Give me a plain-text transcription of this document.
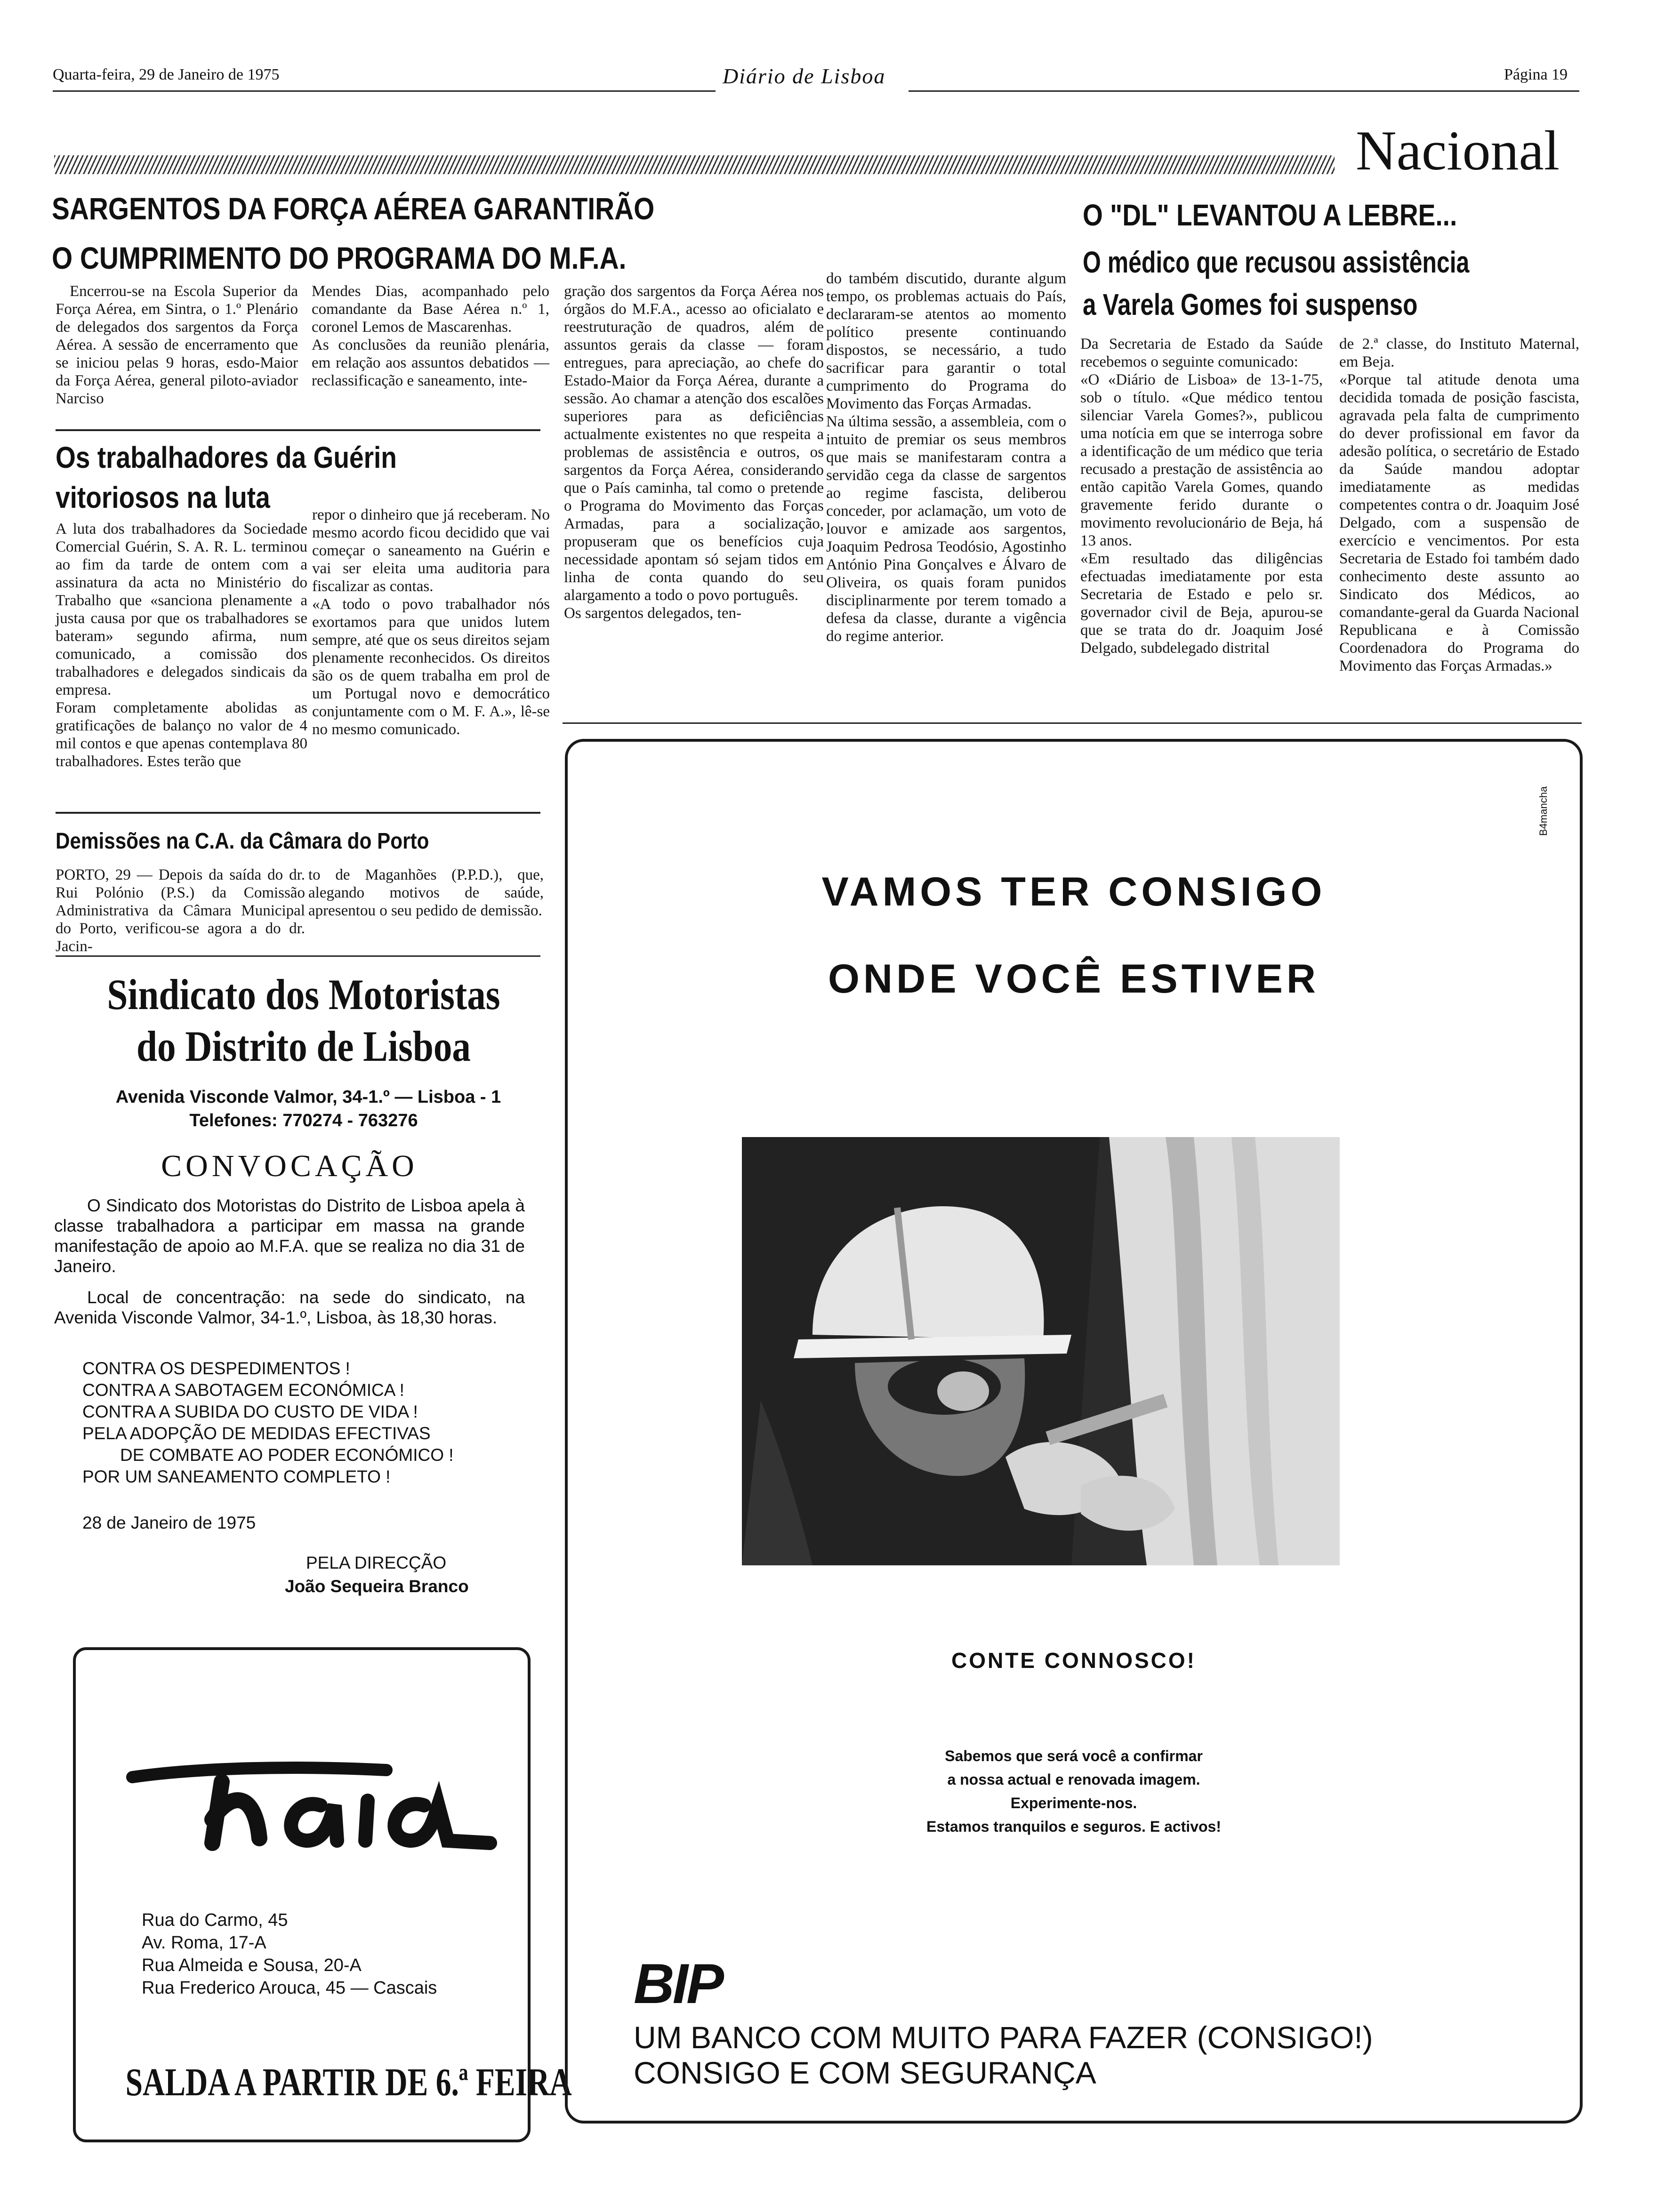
Quarta-feira, 29 de Janeiro de 1975	Diário de Lisboa	Página 19
Nacional
SARGENTOS DA FORÇA AÉREA GARANTIRÃO
O CUMPRIMENTO DO PROGRAMA DO M.F.A.
Encerrou-se na Escola Superior da Força Aérea, em Sintra, o 1.º Plenário de delegados dos sargentos da Força Aérea. A sessão de encerramento que se iniciou pelas 9 horas, esdo-Maior da Força Aérea, general piloto-aviador Narciso
Mendes Dias, acompanhado pelo comandante da Base Aérea n.º 1, coronel Lemos de Mascarenhas.
As conclusões da reunião plenária, em relação aos assuntos debatidos — reclassificação e saneamento, inte-
gração dos sargentos da Força Aérea nos órgãos do M.F.A., acesso ao oficialato e reestruturação de quadros, além de assuntos gerais da classe — foram entregues, para apreciação, ao chefe do Estado-Maior da Força Aérea, durante a sessão. Ao chamar a atenção dos escalões superiores para as deficiências actualmente existentes no que respeita a problemas de assistência e outros, os sargentos da Força Aérea, considerando que o País caminha, tal como o pretende o Programa do Movimento das Forças Armadas, para a socialização, propuseram que os benefícios cuja necessidade apontam só sejam tidos em linha de conta quando do seu alargamento a todo o povo português.
Os sargentos delegados, ten-
do também discutido, durante algum tempo, os problemas actuais do País, declararam-se atentos ao momento político presente continuando dispostos, se necessário, a tudo sacrificar para garantir o total cumprimento do Programa do Movimento das Forças Armadas.
Na última sessão, a assembleia, com o intuito de premiar os seus membros que mais se manifestaram contra a servidão cega da classe de sargentos ao regime fascista, deliberou conceder, por aclamação, um voto de louvor e amizade aos sargentos, Joaquim Pedrosa Teodósio, Agostinho António Pina Gonçalves e Álvaro de Oliveira, os quais foram punidos disciplinarmente por terem tomado a defesa da classe, durante a vigência do regime anterior.
Os trabalhadores da Guérin
vitoriosos na luta
A luta dos trabalhadores da Sociedade Comercial Guérin, S. A. R. L. terminou ao fim da tarde de ontem com a assinatura da acta no Ministério do Trabalho que «sanciona plenamente a justa causa por que os trabalhadores se bateram» segundo afirma, num comunicado, a comissão dos trabalhadores e delegados sindicais da empresa.
Foram completamente abolidas as gratificações de balanço no valor de 4 mil contos e que apenas contemplava 80 trabalhadores. Estes terão que
repor o dinheiro que já receberam. No mesmo acordo ficou decidido que vai começar o saneamento na Guérin e vai ser eleita uma auditoria para fiscalizar as contas.
«A todo o povo trabalhador nós exortamos para que unidos lutem sempre, até que os seus direitos sejam plenamente reconhecidos. Os direitos são os de quem trabalha em prol de um Portugal novo e democrático conjuntamente com o M. F. A.», lê-se no mesmo comunicado.
Demissões na C.A. da Câmara do Porto
PORTO, 29 — Depois da saída do dr. Rui Polónio (P.S.) da Comissão Administrativa da Câmara Municipal do Porto, verificou-se agora a do dr. Jacin-
to de Maganhões (P.P.D.), que, alegando motivos de saúde, apresentou o seu pedido de demissão.
Sindicato dos Motoristas
do Distrito de Lisboa
Avenida Visconde Valmor, 34-1.º — Lisboa - 1
Telefones: 770274 - 763276
CONVOCAÇÃO
O Sindicato dos Motoristas do Distrito de Lisboa apela à classe trabalhadora a participar em massa na grande manifestação de apoio ao M.F.A. que se realiza no dia 31 de Janeiro.
Local de concentração: na sede do sindicato, na Avenida Visconde Valmor, 34-1.º, Lisboa, às 18,30 horas.
CONTRA OS DESPEDIMENTOS !
CONTRA A SABOTAGEM ECONÓMICA !
CONTRA A SUBIDA DO CUSTO DE VIDA !
PELA ADOPÇÃO DE MEDIDAS EFECTIVAS
DE COMBATE AO PODER ECONÓMICO !
POR UM SANEAMENTO COMPLETO !
28 de Janeiro de 1975
PELA DIRECÇÃO
João Sequeira Branco
Rua do Carmo, 45
Av. Roma, 17-A
Rua Almeida e Sousa, 20-A
Rua Frederico Arouca, 45 — Cascais
SALDA A PARTIR DE 6.ª FEIRA
O "DL" LEVANTOU A LEBRE...
O médico que recusou assistência
a Varela Gomes foi suspenso
Da Secretaria de Estado da Saúde recebemos o seguinte comunicado:
«O «Diário de Lisboa» de 13-1-75, sob o título. «Que médico tentou silenciar Varela Gomes?», publicou uma notícia em que se interroga sobre a identificação de um médico que teria recusado a prestação de assistência ao então capitão Varela Gomes, quando gravemente ferido durante o movimento revolucionário de Beja, há 13 anos.
«Em resultado das diligências efectuadas imediatamente por esta Secretaria de Estado e pelo sr. governador civil de Beja, apurou-se que se trata do dr. Joaquim José Delgado, subdelegado distrital
de 2.ª classe, do Instituto Maternal, em Beja.
«Porque tal atitude denota uma decidida tomada de posição fascista, agravada pela falta de cumprimento do dever profissional em favor da adesão política, o secretário de Estado da Saúde mandou adoptar imediatamente as medidas competentes contra o dr. Joaquim José Delgado, com a suspensão de exercício e vencimentos. Por esta Secretaria de Estado foi também dado conhecimento deste assunto ao Sindicato dos Médicos, ao comandante-geral da Guarda Nacional Republicana e à Comissão Coordenadora do Programa do Movimento das Forças Armadas.»
B4mancha
VAMOS TER CONSIGO
ONDE VOCÊ ESTIVER
CONTE CONNOSCO!
Sabemos que será você a confirmar
a nossa actual e renovada imagem.
Experimente-nos.
Estamos tranquilos e seguros. E activos!
BIP
UM BANCO COM MUITO PARA FAZER (CONSIGO!)
CONSIGO E COM SEGURANÇA
